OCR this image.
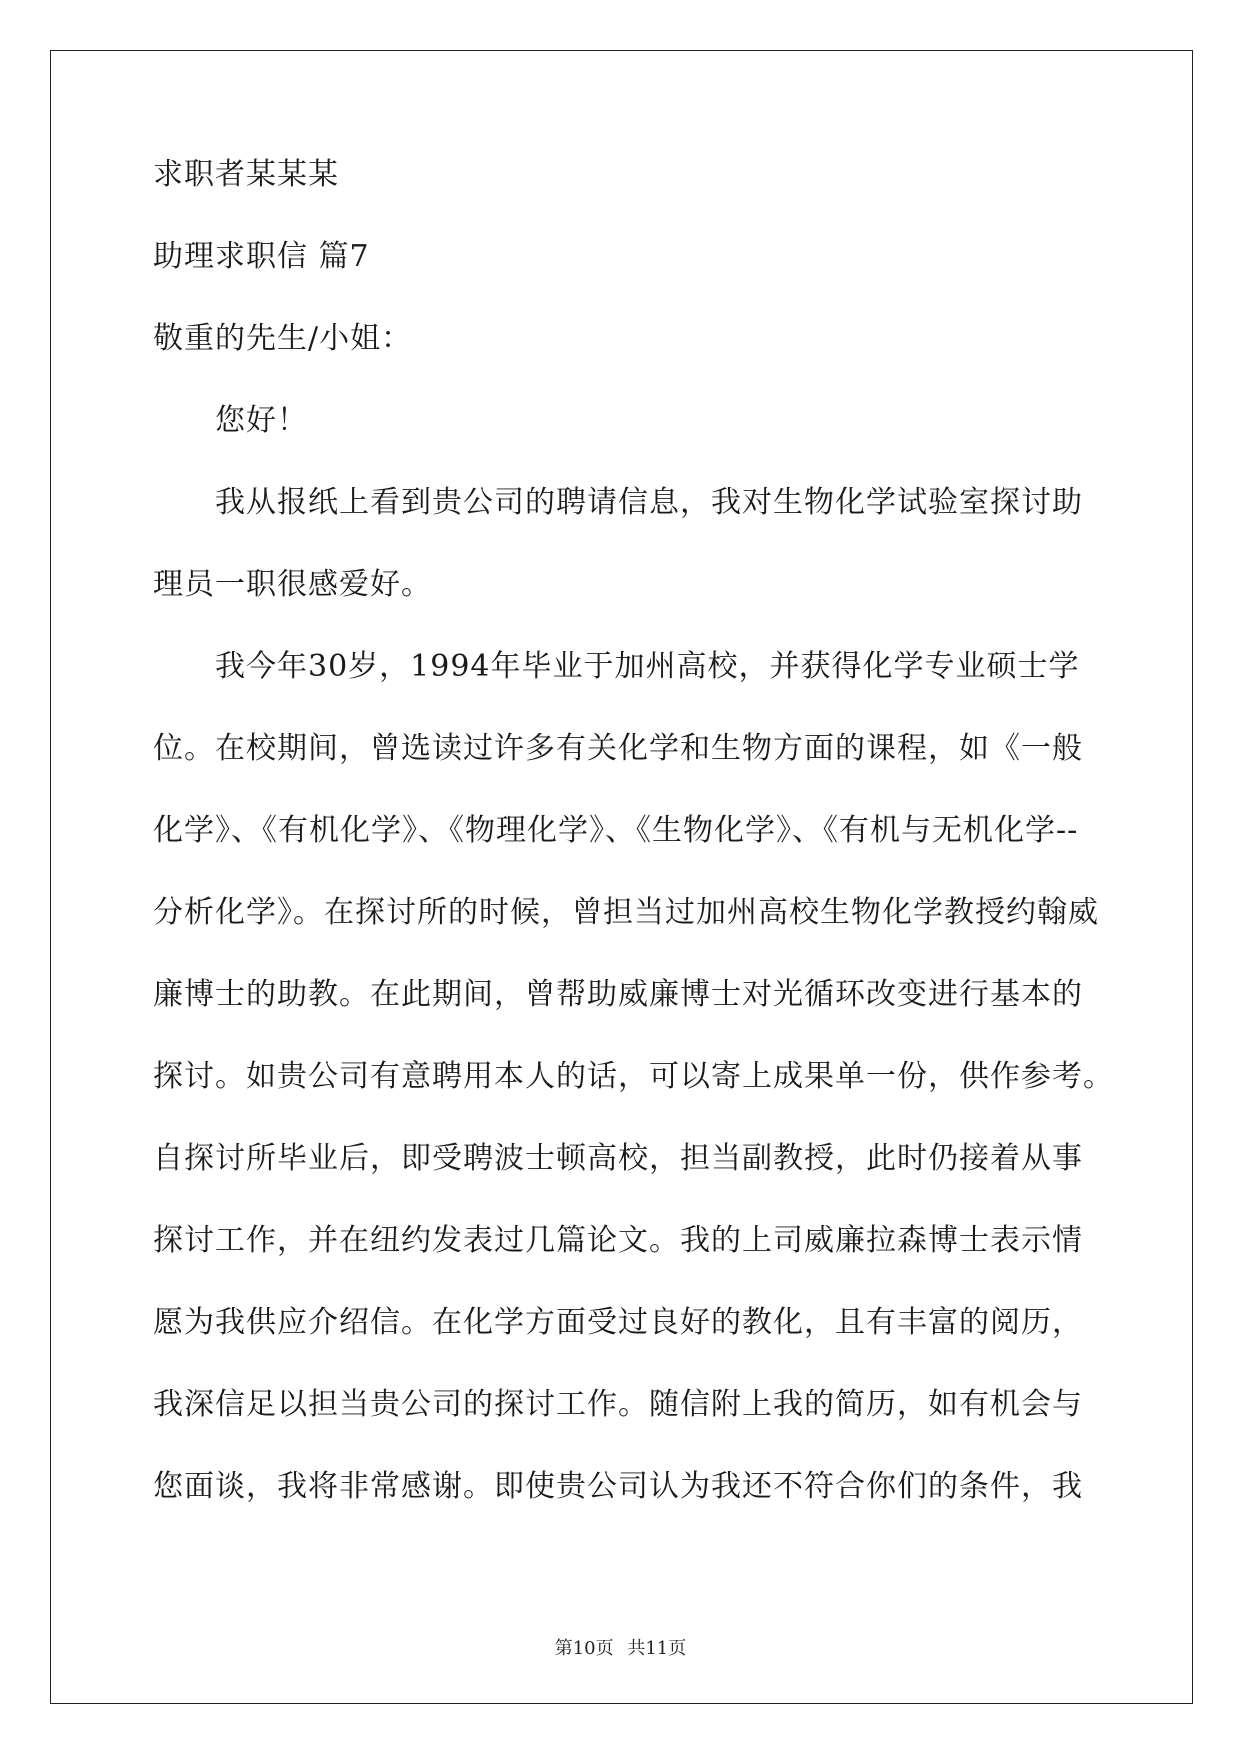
求职者某某某
助理求职信 篇7
敬重的先生/小姐：
您好！
我从报纸上看到贵公司的聘请信息，我对生物化学试验室探讨助
理员一职很感爱好。
我今年30岁，1994年毕业于加州高校，并获得化学专业硕士学
位。在校期间，曾选读过许多有关化学和生物方面的课程，如《一般
化学》、《有机化学》、《物理化学》、《生物化学》、《有机与无机化学--
分析化学》。在探讨所的时候，曾担当过加州高校生物化学教授约翰威
廉博士的助教。在此期间，曾帮助威廉博士对光循环改变进行基本的
探讨。如贵公司有意聘用本人的话，可以寄上成果单一份，供作参考。
自探讨所毕业后，即受聘波士顿高校，担当副教授，此时仍接着从事
探讨工作，并在纽约发表过几篇论文。我的上司威廉拉森博士表示情
愿为我供应介绍信。在化学方面受过良好的教化，且有丰富的阅历，
我深信足以担当贵公司的探讨工作。随信附上我的简历，如有机会与
您面谈，我将非常感谢。即使贵公司认为我还不符合你们的条件，我
第10页 共11页
